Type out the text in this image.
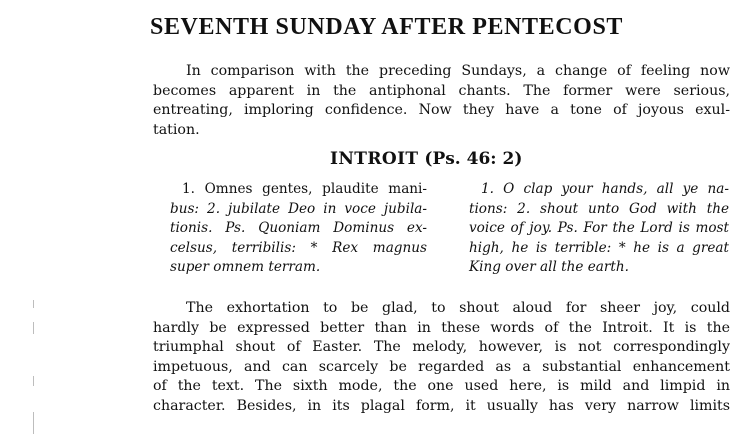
SEVENTH SUNDAY AFTER PENTECOST

In comparison with the preceding Sundays, a change of feeling now
becomes apparent in the antiphonal chants. The former were serious,
entreating, imploring confidence. Now they have a tone of joyous exul-
tation.

INTROIT (Ps. 46: 2)
1. Omnes gentes, plaudite mani-
bus: 2. jubilate Deo in voce jubila-
tionis. Ps. Quoniam Dominus ex-
celsus, terribilis: * Rex magnus
super omnem terram.
1. O clap your hands, all ye na-
tions: 2. shout unto God with the
voice of joy. Ps. For the Lord is most
high, he is terrible: * he is a great
King over all the earth.

The exhortation to be glad, to shout aloud for sheer joy, could
hardly be expressed better than in these words of the Introit. It is the
triumphal shout of Easter. The melody, however, is not correspondingly
impetuous, and can scarcely be regarded as a substantial enhancement
of the text. The sixth mode, the one used here, is mild and limpid in
character. Besides, in its plagal form, it usually has very narrow limits
